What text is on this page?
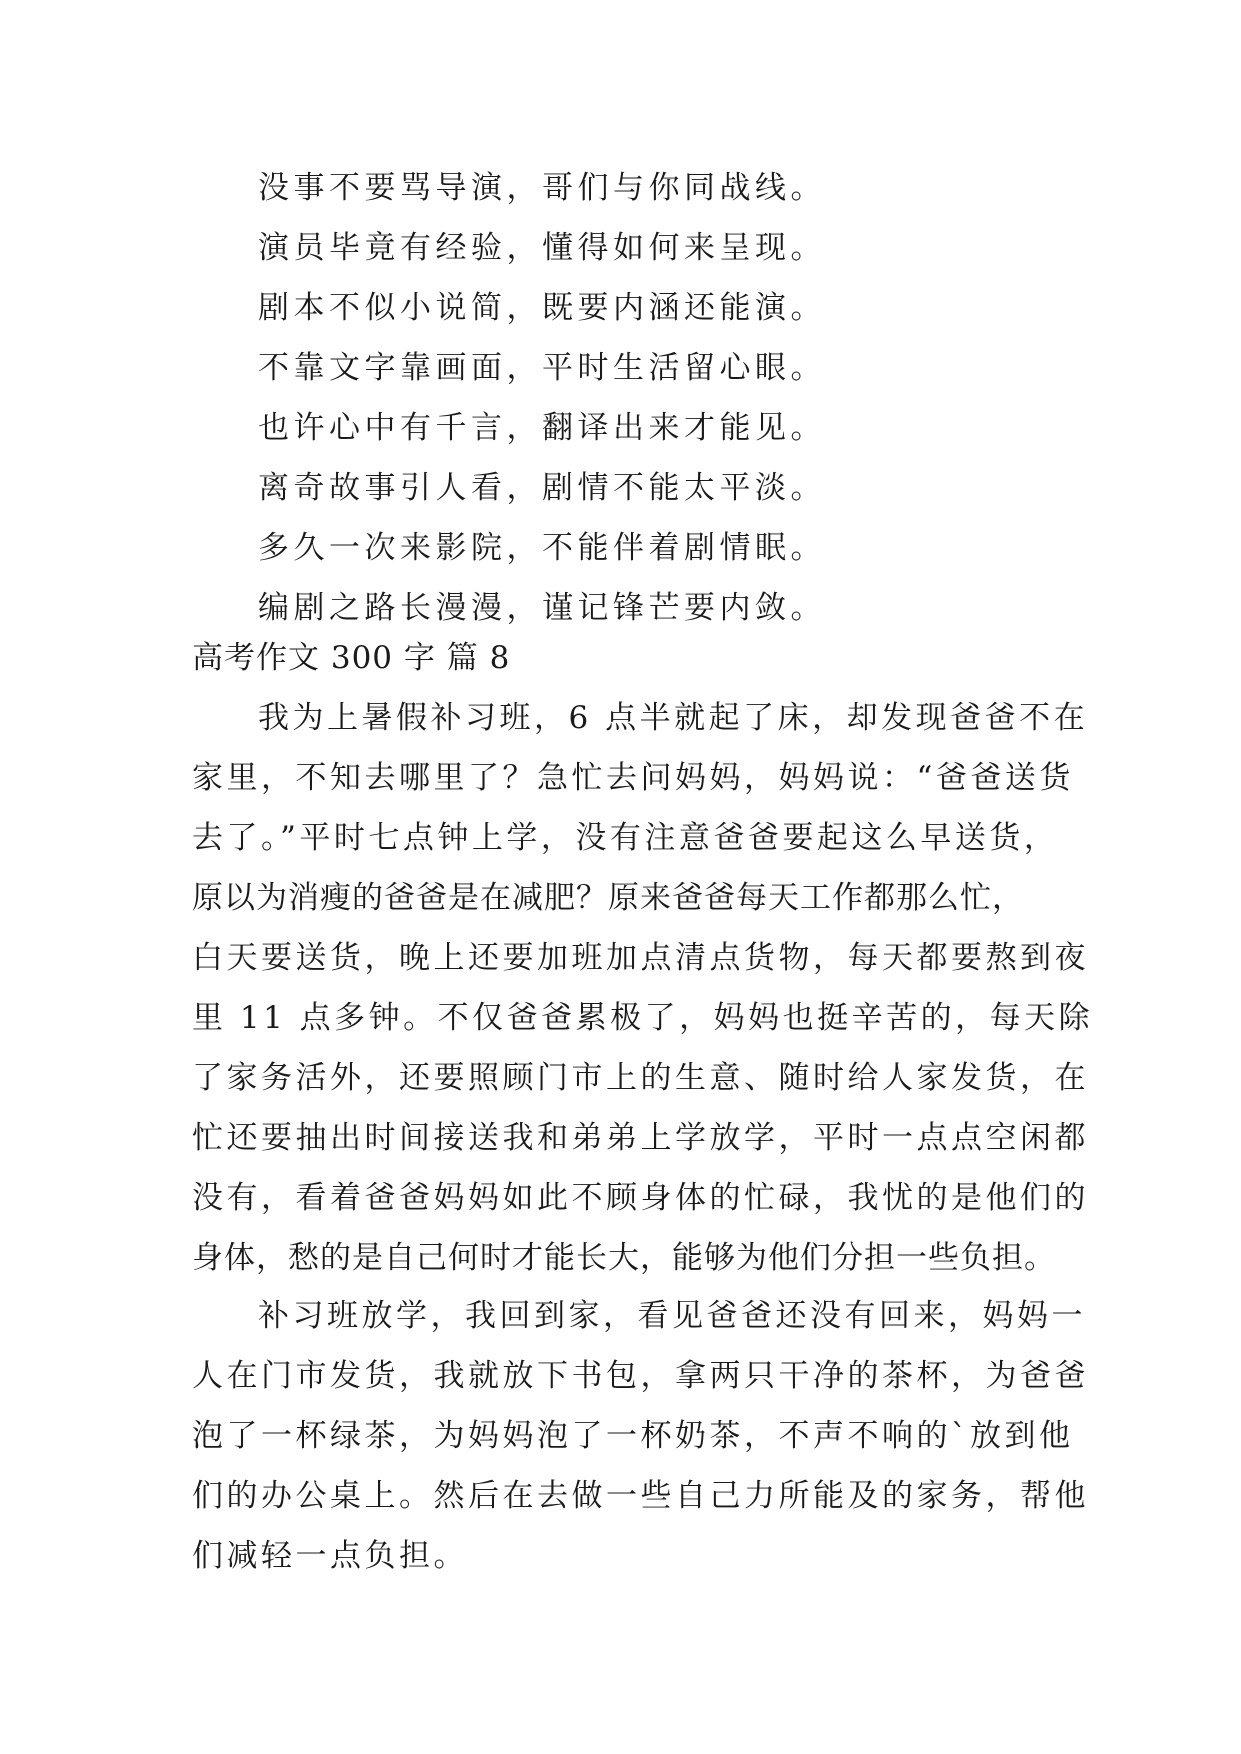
没事不要骂导演，哥们与你同战线。
演员毕竟有经验，懂得如何来呈现。
剧本不似小说简，既要内涵还能演。
不靠文字靠画面，平时生活留心眼。
也许心中有千言，翻译出来才能见。
离奇故事引人看，剧情不能太平淡。
多久一次来影院，不能伴着剧情眠。
编剧之路长漫漫，谨记锋芒要内敛。
高考作文 300 字 篇 8
我为上暑假补习班，6 点半就起了床，却发现爸爸不在
家里，不知去哪里了？急忙去问妈妈，妈妈说：“爸爸送货
去了。”平时七点钟上学，没有注意爸爸要起这么早送货，
原以为消瘦的爸爸是在减肥？原来爸爸每天工作都那么忙，
白天要送货，晚上还要加班加点清点货物，每天都要熬到夜
里 11 点多钟。不仅爸爸累极了，妈妈也挺辛苦的，每天除
了家务活外，还要照顾门市上的生意、随时给人家发货，在
忙还要抽出时间接送我和弟弟上学放学，平时一点点空闲都
没有，看着爸爸妈妈如此不顾身体的忙碌，我忧的是他们的
身体，愁的是自己何时才能长大，能够为他们分担一些负担。
补习班放学，我回到家，看见爸爸还没有回来，妈妈一
人在门市发货，我就放下书包，拿两只干净的茶杯，为爸爸
泡了一杯绿茶，为妈妈泡了一杯奶茶，不声不响的`放到他
们的办公桌上。然后在去做一些自己力所能及的家务，帮他
们减轻一点负担。
